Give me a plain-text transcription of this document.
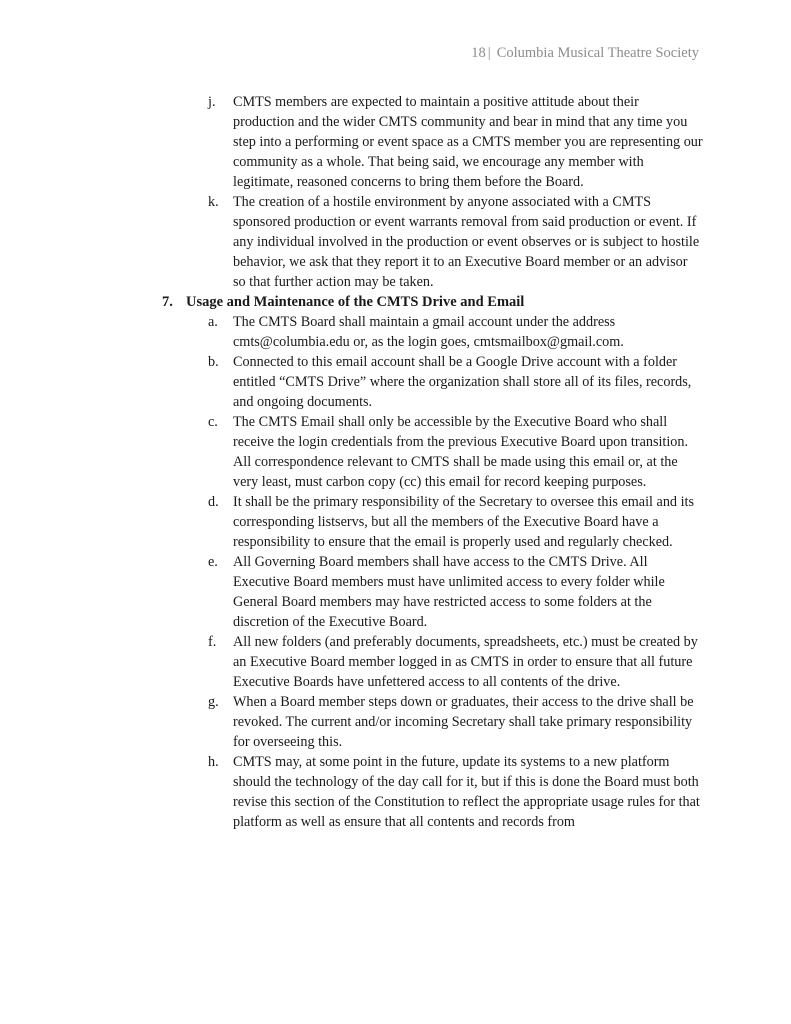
18 | Columbia Musical Theatre Society
j.	CMTS members are expected to maintain a positive attitude about their production and the wider CMTS community and bear in mind that any time you step into a performing or event space as a CMTS member you are representing our community as a whole. That being said, we encourage any member with legitimate, reasoned concerns to bring them before the Board.
k.	The creation of a hostile environment by anyone associated with a CMTS sponsored production or event warrants removal from said production or event. If any individual involved in the production or event observes or is subject to hostile behavior, we ask that they report it to an Executive Board member or an advisor so that further action may be taken.
7. Usage and Maintenance of the CMTS Drive and Email
a.	The CMTS Board shall maintain a gmail account under the address cmts@columbia.edu or, as the login goes, cmtsmailbox@gmail.com.
b.	Connected to this email account shall be a Google Drive account with a folder entitled “CMTS Drive” where the organization shall store all of its files, records, and ongoing documents.
c.	The CMTS Email shall only be accessible by the Executive Board who shall receive the login credentials from the previous Executive Board upon transition. All correspondence relevant to CMTS shall be made using this email or, at the very least, must carbon copy (cc) this email for record keeping purposes.
d.	It shall be the primary responsibility of the Secretary to oversee this email and its corresponding listservs, but all the members of the Executive Board have a responsibility to ensure that the email is properly used and regularly checked.
e.	All Governing Board members shall have access to the CMTS Drive. All Executive Board members must have unlimited access to every folder while General Board members may have restricted access to some folders at the discretion of the Executive Board.
f.	All new folders (and preferably documents, spreadsheets, etc.) must be created by an Executive Board member logged in as CMTS in order to ensure that all future Executive Boards have unfettered access to all contents of the drive.
g.	When a Board member steps down or graduates, their access to the drive shall be revoked. The current and/or incoming Secretary shall take primary responsibility for overseeing this.
h.	CMTS may, at some point in the future, update its systems to a new platform should the technology of the day call for it, but if this is done the Board must both revise this section of the Constitution to reflect the appropriate usage rules for that platform as well as ensure that all contents and records from
